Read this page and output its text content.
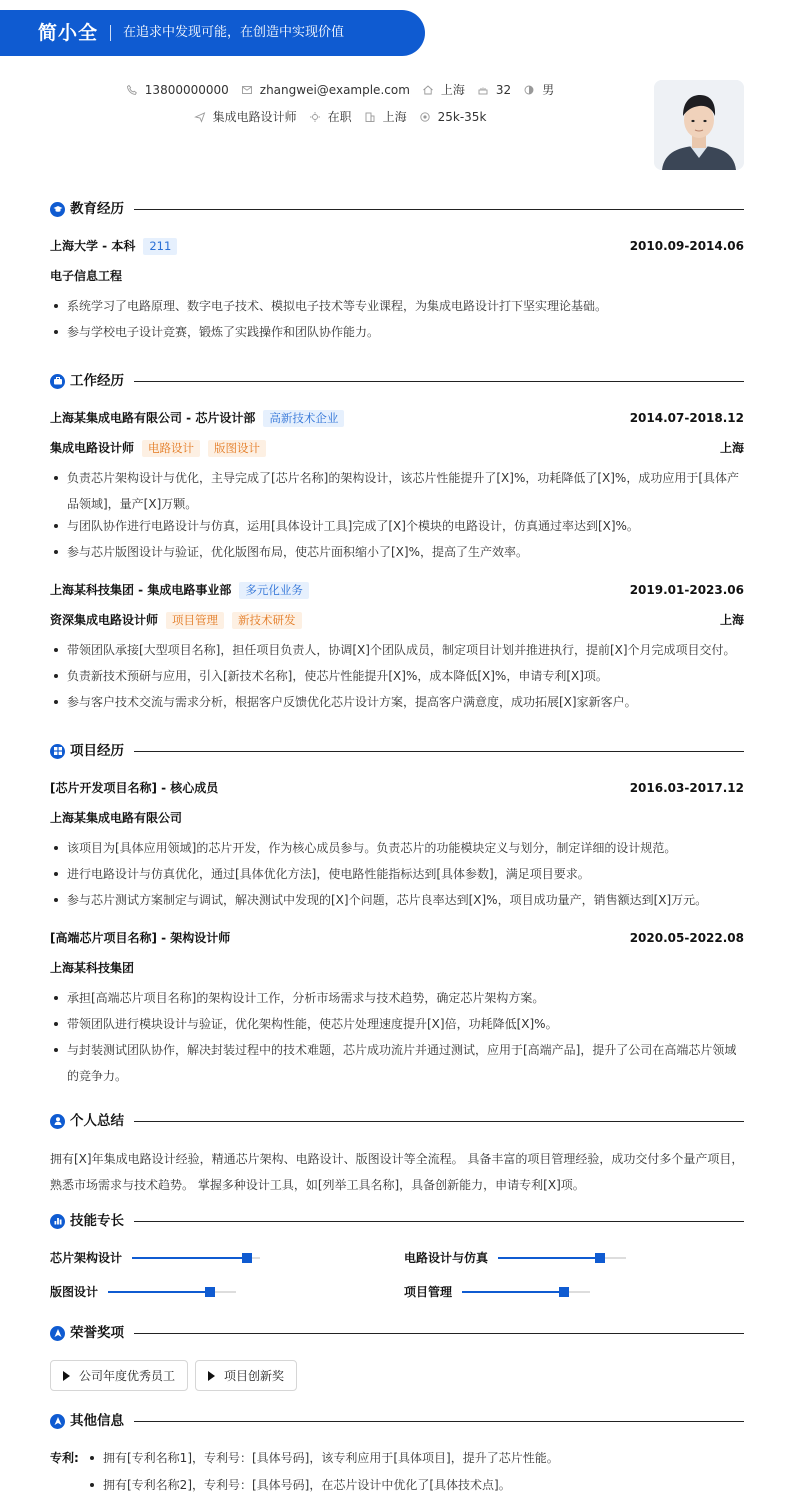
简小全 在追求中发现可能，在创造中实现价值
13800000000	zhangwei@example.com	上海	32	男
集成电路设计师	在职	上海	25k-35k
教育经历
上海大学 - 本科	211	2010.09-2014.06
电子信息工程
系统学习了电路原理、数字电子技术、模拟电子技术等专业课程，为集成电路设计打下坚实理论基础。
参与学校电子设计竞赛，锻炼了实践操作和团队协作能力。
工作经历
上海某集成电路有限公司 - 芯片设计部	高新技术企业	2014.07-2018.12
集成电路设计师	电路设计	版图设计	上海
负责芯片架构设计与优化，主导完成了[芯片名称]的架构设计，该芯片性能提升了[X]%，功耗降低了[X]%，成功应用于[具体产品领域]，量产[X]万颗。
与团队协作进行电路设计与仿真，运用[具体设计工具]完成了[X]个模块的电路设计，仿真通过率达到[X]%。
参与芯片版图设计与验证，优化版图布局，使芯片面积缩小了[X]%，提高了生产效率。
上海某科技集团 - 集成电路事业部	多元化业务	2019.01-2023.06
资深集成电路设计师	项目管理	新技术研发	上海
带领团队承接[大型项目名称]，担任项目负责人，协调[X]个团队成员，制定项目计划并推进执行，提前[X]个月完成项目交付。
负责新技术预研与应用，引入[新技术名称]，使芯片性能提升[X]%，成本降低[X]%，申请专利[X]项。
参与客户技术交流与需求分析，根据客户反馈优化芯片设计方案，提高客户满意度，成功拓展[X]家新客户。
项目经历
[芯片开发项目名称] - 核心成员	2016.03-2017.12
上海某集成电路有限公司
该项目为[具体应用领域]的芯片开发，作为核心成员参与。负责芯片的功能模块定义与划分，制定详细的设计规范。
进行电路设计与仿真优化，通过[具体优化方法]，使电路性能指标达到[具体参数]，满足项目要求。
参与芯片测试方案制定与调试，解决测试中发现的[X]个问题，芯片良率达到[X]%，项目成功量产，销售额达到[X]万元。
[高端芯片项目名称] - 架构设计师	2020.05-2022.08
上海某科技集团
承担[高端芯片项目名称]的架构设计工作，分析市场需求与技术趋势，确定芯片架构方案。
带领团队进行模块设计与验证，优化架构性能，使芯片处理速度提升[X]倍，功耗降低[X]%。
与封装测试团队协作，解决封装过程中的技术难题，芯片成功流片并通过测试，应用于[高端产品]，提升了公司在高端芯片领域的竞争力。
个人总结
拥有[X]年集成电路设计经验，精通芯片架构、电路设计、版图设计等全流程。 具备丰富的项目管理经验，成功交付多个量产项目，熟悉市场需求与技术趋势。 掌握多种设计工具，如[列举工具名称]，具备创新能力，申请专利[X]项。
技能专长
芯片架构设计	电路设计与仿真
版图设计	项目管理
荣誉奖项
公司年度优秀员工	项目创新奖
其他信息
专利:	拥有[专利名称1]，专利号：[具体号码]，该专利应用于[具体项目]，提升了芯片性能。
拥有[专利名称2]，专利号：[具体号码]，在芯片设计中优化了[具体技术点]。
